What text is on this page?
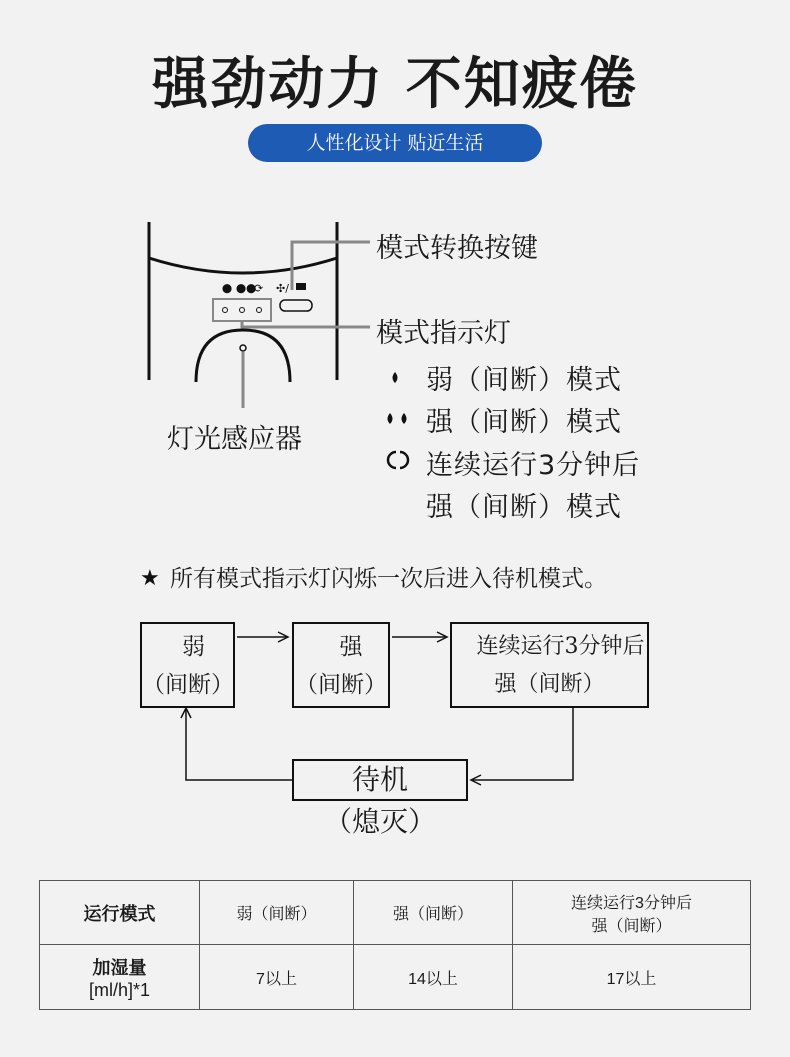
强劲动力 不知疲倦
人性化设计 贴近生活
⬤ ⬤⬤
⟳ ✣/
★
模式转换按键
模式指示灯
灯光感应器
弱（间断）模式
强（间断）模式
连续运行3分钟后
强（间断）模式
所有模式指示灯闪烁一次后进入待机模式。
弱
（间断）
强
（间断）
连续运行3分钟后
强（间断）
待机
（熄灭）
运行模式	弱（间断）	强（间断）	连续运行3分钟后
强（间断）

加湿量
[ml/h]*1	7以上	14以上	17以上
